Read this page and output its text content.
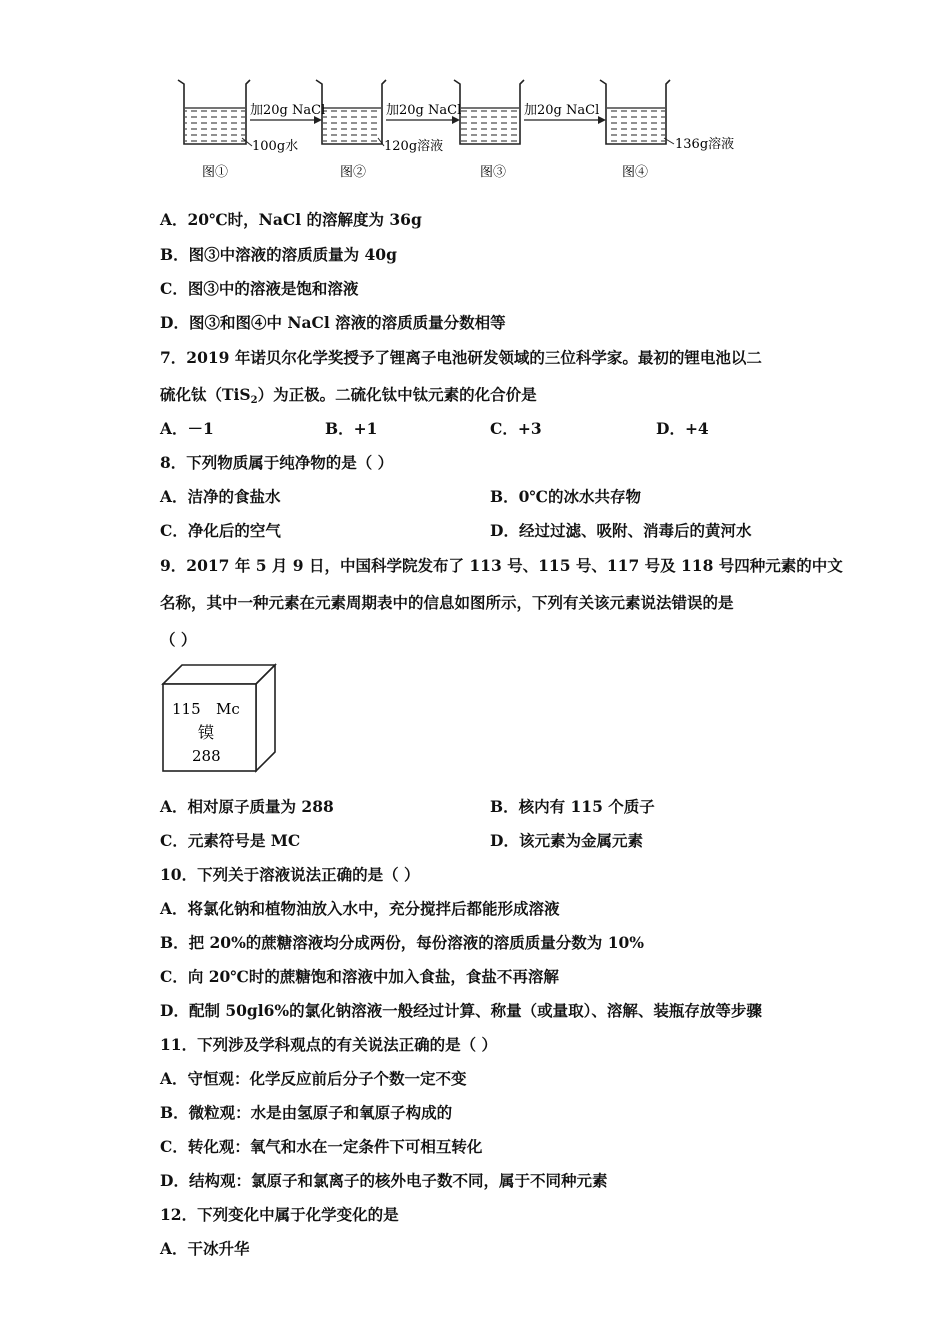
加20g NaCl	加20g NaCl	加20g NaCl
100g水	120g溶液	136g溶液
图①	图②	图③	图④
A．20℃时，NaCl 的溶解度为 36g
B．图③中溶液的溶质质量为 40g
C．图③中的溶液是饱和溶液
D．图③和图④中 NaCl 溶液的溶质质量分数相等
7．2019 年诺贝尔化学奖授予了锂离子电池研发领域的三位科学家。最初的锂电池以二
硫化钛（TiS$_2$）为正极。二硫化钛中钛元素的化合价是
A．－1	B．+1	C．+3	D．+4
8．下列物质属于纯净物的是（ ）
A．洁净的食盐水	B．0℃的冰水共存物
C．净化后的空气	D．经过过滤、吸附、消毒后的黄河水
9．2017 年 5 月 9 日，中国科学院发布了 113 号、115 号、117 号及 118 号四种元素的中文
名称，其中一种元素在元素周期表中的信息如图所示，下列有关该元素说法错误的是
（ ）
115 Mc
镆
288
A．相对原子质量为 288	B．核内有 115 个质子
C．元素符号是 MC	D．该元素为金属元素
10．下列关于溶液说法正确的是（ ）
A．将氯化钠和植物油放入水中，充分搅拌后都能形成溶液
B．把 20%的蔗糖溶液均分成两份，每份溶液的溶质质量分数为 10%
C．向 20℃时的蔗糖饱和溶液中加入食盐，食盐不再溶解
D．配制 50gl6%的氯化钠溶液一般经过计算、称量（或量取）、溶解、装瓶存放等步骤
11．下列涉及学科观点的有关说法正确的是（ ）
A．守恒观：化学反应前后分子个数一定不变
B．微粒观：水是由氢原子和氧原子构成的
C．转化观：氧气和水在一定条件下可相互转化
D．结构观：氯原子和氯离子的核外电子数不同，属于不同种元素
12．下列变化中属于化学变化的是
A．干冰升华
